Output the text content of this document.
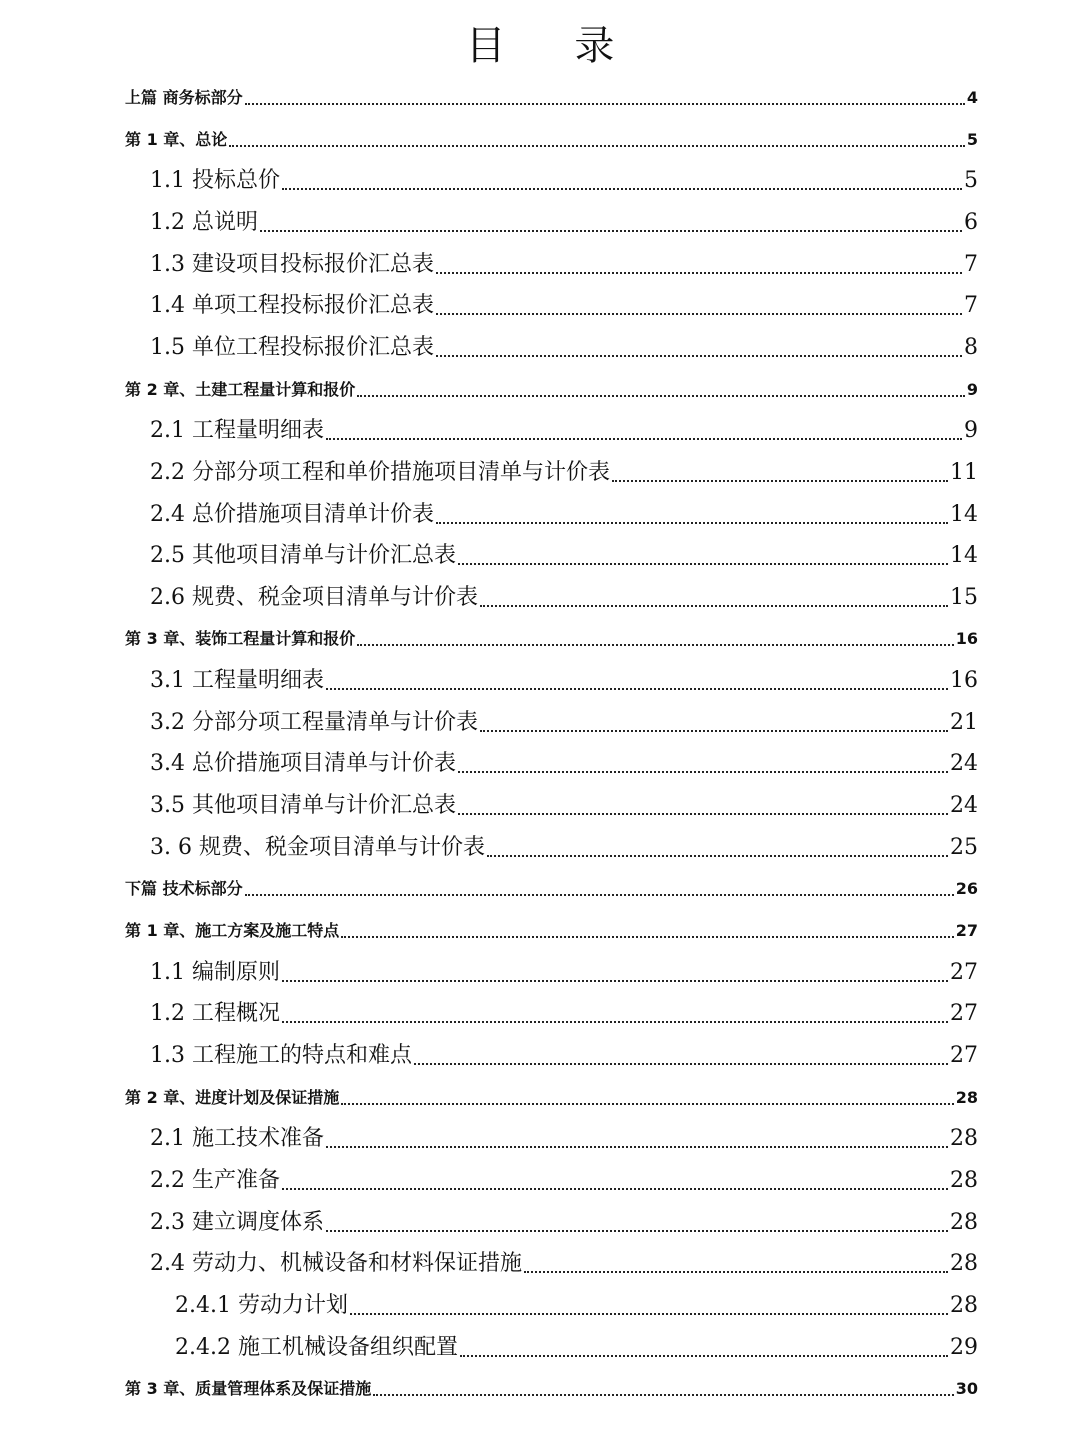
目 录
上篇 商务标部分	4
第 1 章、总论	5
1.1 投标总价	5
1.2 总说明	6
1.3 建设项目投标报价汇总表	7
1.4 单项工程投标报价汇总表	7
1.5 单位工程投标报价汇总表	8
第 2 章、土建工程量计算和报价	9
2.1 工程量明细表	9
2.2 分部分项工程和单价措施项目清单与计价表	11
2.4 总价措施项目清单计价表	14
2.5 其他项目清单与计价汇总表	14
2.6 规费、税金项目清单与计价表	15
第 3 章、装饰工程量计算和报价	16
3.1 工程量明细表	16
3.2 分部分项工程量清单与计价表	21
3.4 总价措施项目清单与计价表	24
3.5 其他项目清单与计价汇总表	24
3. 6 规费、税金项目清单与计价表	25
下篇 技术标部分	26
第 1 章、施工方案及施工特点	27
1.1 编制原则	27
1.2 工程概况	27
1.3 工程施工的特点和难点	27
第 2 章、进度计划及保证措施	28
2.1 施工技术准备	28
2.2 生产准备	28
2.3 建立调度体系	28
2.4 劳动力、机械设备和材料保证措施	28
2.4.1 劳动力计划	28
2.4.2 施工机械设备组织配置	29
第 3 章、质量管理体系及保证措施	30
